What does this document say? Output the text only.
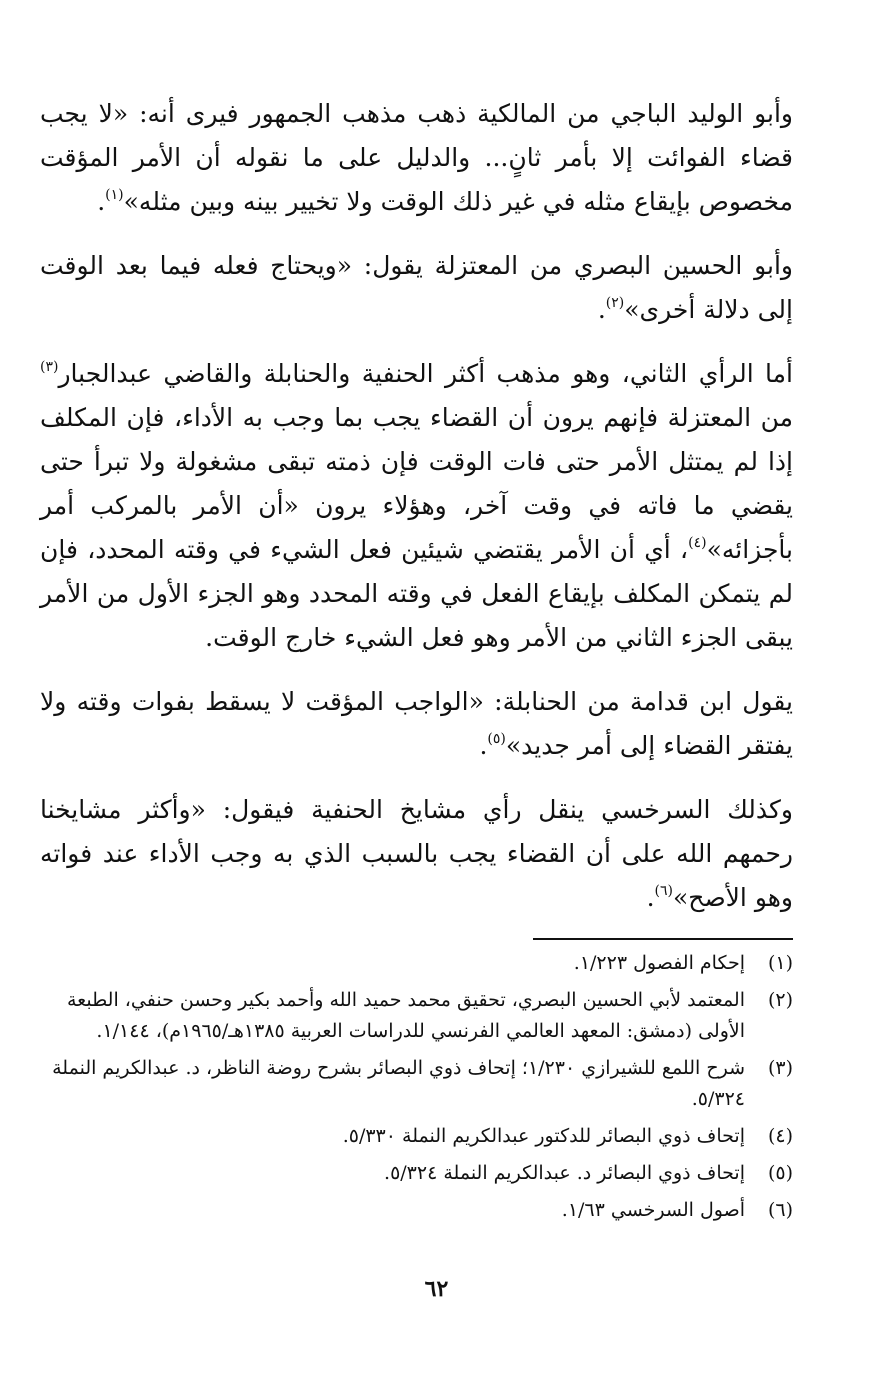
وأبو الوليد الباجي من المالكية ذهب مذهب الجمهور فيرى أنه: «لا يجب قضاء الفوائت إلا بأمر ثانٍ... والدليل على ما نقوله أن الأمر المؤقت مخصوص بإيقاع مثله في غير ذلك الوقت ولا تخيير بينه وبين مثله»$^{(١)}$.

وأبو الحسين البصري من المعتزلة يقول: «ويحتاج فعله فيما بعد الوقت إلى دلالة أخرى»$^{(٢)}$.

أما الرأي الثاني، وهو مذهب أكثر الحنفية والحنابلة والقاضي عبدالجبار$^{(٣)}$ من المعتزلة فإنهم يرون أن القضاء يجب بما وجب به الأداء، فإن المكلف إذا لم يمتثل الأمر حتى فات الوقت فإن ذمته تبقى مشغولة ولا تبرأ حتى يقضي ما فاته في وقت آخر، وهؤلاء يرون «أن الأمر بالمركب أمر بأجزائه»$^{(٤)}$، أي أن الأمر يقتضي شيئين فعل الشيء في وقته المحدد، فإن لم يتمكن المكلف بإيقاع الفعل في وقته المحدد وهو الجزء الأول من الأمر يبقى الجزء الثاني من الأمر وهو فعل الشيء خارج الوقت.

يقول ابن قدامة من الحنابلة: «الواجب المؤقت لا يسقط بفوات وقته ولا يفتقر القضاء إلى أمر جديد»$^{(٥)}$.

وكذلك السرخسي ينقل رأي مشايخ الحنفية فيقول: «وأكثر مشايخنا رحمهم الله على أن القضاء يجب بالسبب الذي به وجب الأداء عند فواته وهو الأصح»$^{(٦)}$.

(١)
إحكام الفصول ١/٢٢٣.
(٢)
المعتمد لأبي الحسين البصري، تحقيق محمد حميد الله وأحمد بكير وحسن حنفي، الطبعة الأولى (دمشق: المعهد العالمي الفرنسي للدراسات العربية ١٣٨٥هـ/١٩٦٥م)، ١/١٤٤.
(٣)
شرح اللمع للشيرازي ١/٢٣٠؛ إتحاف ذوي البصائر بشرح روضة الناظر، د. عبدالكريم النملة ٥/٣٢٤.
(٤)
إتحاف ذوي البصائر للدكتور عبدالكريم النملة ٥/٣٣٠.
(٥)
إتحاف ذوي البصائر د. عبدالكريم النملة ٥/٣٢٤.
(٦)
أصول السرخسي ١/٦٣.
٦٢
